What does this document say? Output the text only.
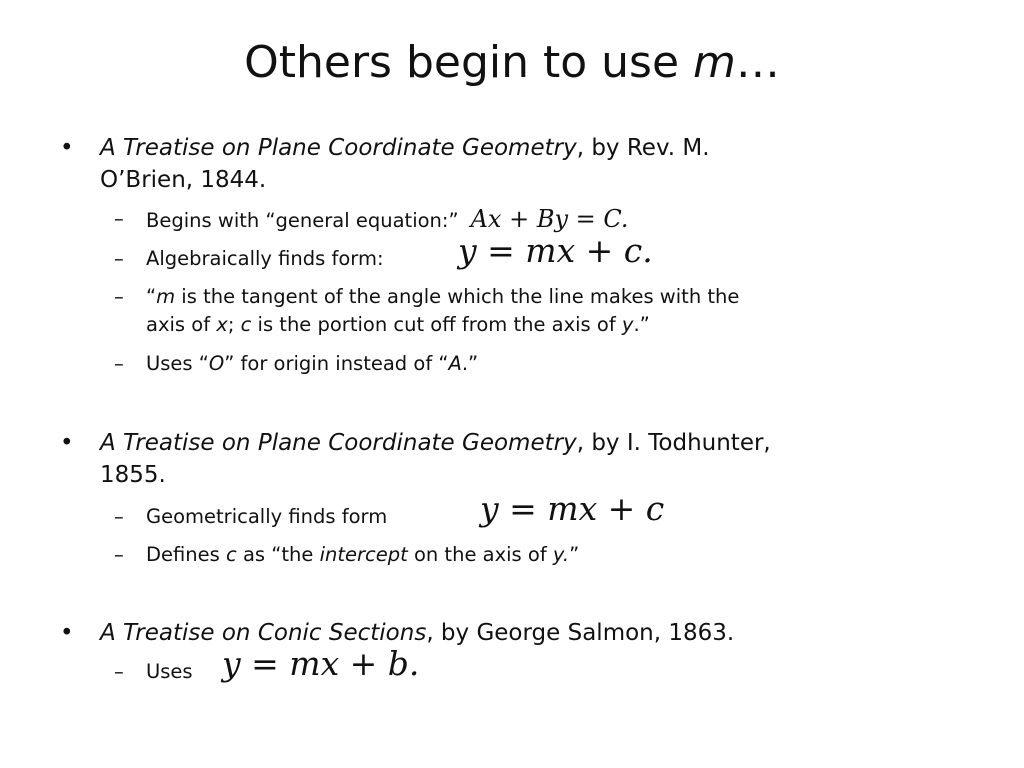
Others begin to use m…
• A Treatise on Plane Coordinate Geometry, by Rev. M.
O’Brien, 1844.
– Begins with “general equation:” Ax + By = C.
– Algebraically finds form: y = mx + c.
– “m is the tangent of the angle which the line makes with the
axis of x; c is the portion cut off from the axis of y.”
– Uses “O” for origin instead of “A.”
• A Treatise on Plane Coordinate Geometry, by I. Todhunter,
1855.
– Geometrically finds form	y = mx + c
– Defines c as “the intercept on the axis of y.”
• A Treatise on Conic Sections, by George Salmon, 1863.
– Uses y = mx + b.
